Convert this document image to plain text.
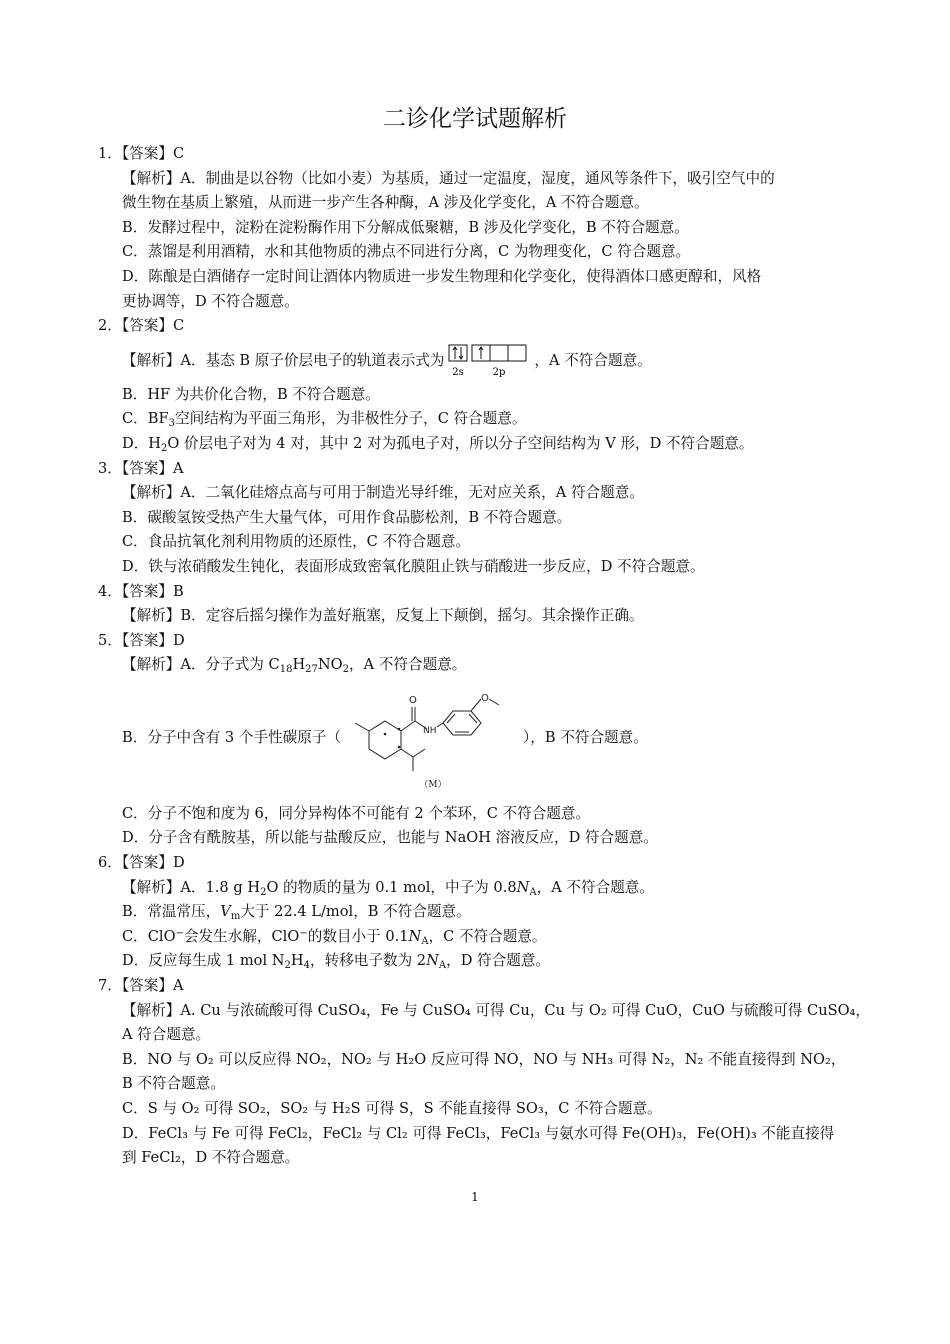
二诊化学试题解析
1．【答案】C
【解析】A．制曲是以谷物（比如小麦）为基质，通过一定温度，湿度，通风等条件下，吸引空气中的
微生物在基质上繁殖，从而进一步产生各种酶，A 涉及化学变化，A 不符合题意。
B．发酵过程中，淀粉在淀粉酶作用下分解成低聚糖，B 涉及化学变化，B 不符合题意。
C．蒸馏是利用酒精，水和其他物质的沸点不同进行分离，C 为物理变化，C 符合题意。
D．陈酿是白酒储存一定时间让酒体内物质进一步发生物理和化学变化，使得酒体口感更醇和，风格
更协调等，D 不符合题意。
2．【答案】C
【解析】A．基态 B 原子价层电子的轨道表示式为
2s	2p
，A 不符合题意。
B．HF 为共价化合物，B 不符合题意。
C．$BF_3$空间结构为平面三角形，为非极性分子，C 符合题意。
D．$H_2O$ 价层电子对为 4 对，其中 2 对为孤电子对，所以分子空间结构为 V 形，D 不符合题意。
3．【答案】A
【解析】A．二氧化硅熔点高与可用于制造光导纤维，无对应关系，A 符合题意。
B．碳酸氢铵受热产生大量气体，可用作食品膨松剂，B 不符合题意。
C．食品抗氧化剂利用物质的还原性，C 不符合题意。
D．铁与浓硝酸发生钝化，表面形成致密氧化膜阻止铁与硝酸进一步反应，D 不符合题意。
4．【答案】B
【解析】B．定容后摇匀操作为盖好瓶塞，反复上下颠倒，摇匀。其余操作正确。
5．【答案】D
【解析】A．分子式为 $C_{18}H_{27}NO_2$，A 不符合题意。
B．分子中含有 3 个手性碳原子（
O
NH
O
（M）
），B 不符合题意。
C．分子不饱和度为 6，同分异构体不可能有 2 个苯环，C 不符合题意。
D．分子含有酰胺基，所以能与盐酸反应，也能与 NaOH 溶液反应，D 符合题意。
6．【答案】D
【解析】A．1.8 g $H_2O$ 的物质的量为 0.1 mol，中子为 $0.8N_A$，A 不符合题意。
B．常温常压，$V_m$大于 22.4 L/mol，B 不符合题意。
C．ClO−会发生水解，ClO−的数目小于 $0.1N_A$，C 不符合题意。
D．反应每生成 1 mol $N_2H_4$，转移电子数为 $2N_A$，D 符合题意。
7．【答案】A
【解析】A. Cu 与浓硫酸可得 CuSO₄，Fe 与 CuSO₄ 可得 Cu，Cu 与 O₂ 可得 CuO，CuO 与硫酸可得 CuSO₄，
A 符合题意。
B．NO 与 O₂ 可以反应得 NO₂，NO₂ 与 H₂O 反应可得 NO，NO 与 NH₃ 可得 N₂，N₂ 不能直接得到 NO₂，
B 不符合题意。
C．S 与 O₂ 可得 SO₂，SO₂ 与 H₂S 可得 S，S 不能直接得 SO₃，C 不符合题意。
D．FeCl₃ 与 Fe 可得 FeCl₂，FeCl₂ 与 Cl₂ 可得 FeCl₃，FeCl₃ 与氨水可得 Fe(OH)₃，Fe(OH)₃ 不能直接得
到 FeCl₂，D 不符合题意。
1
